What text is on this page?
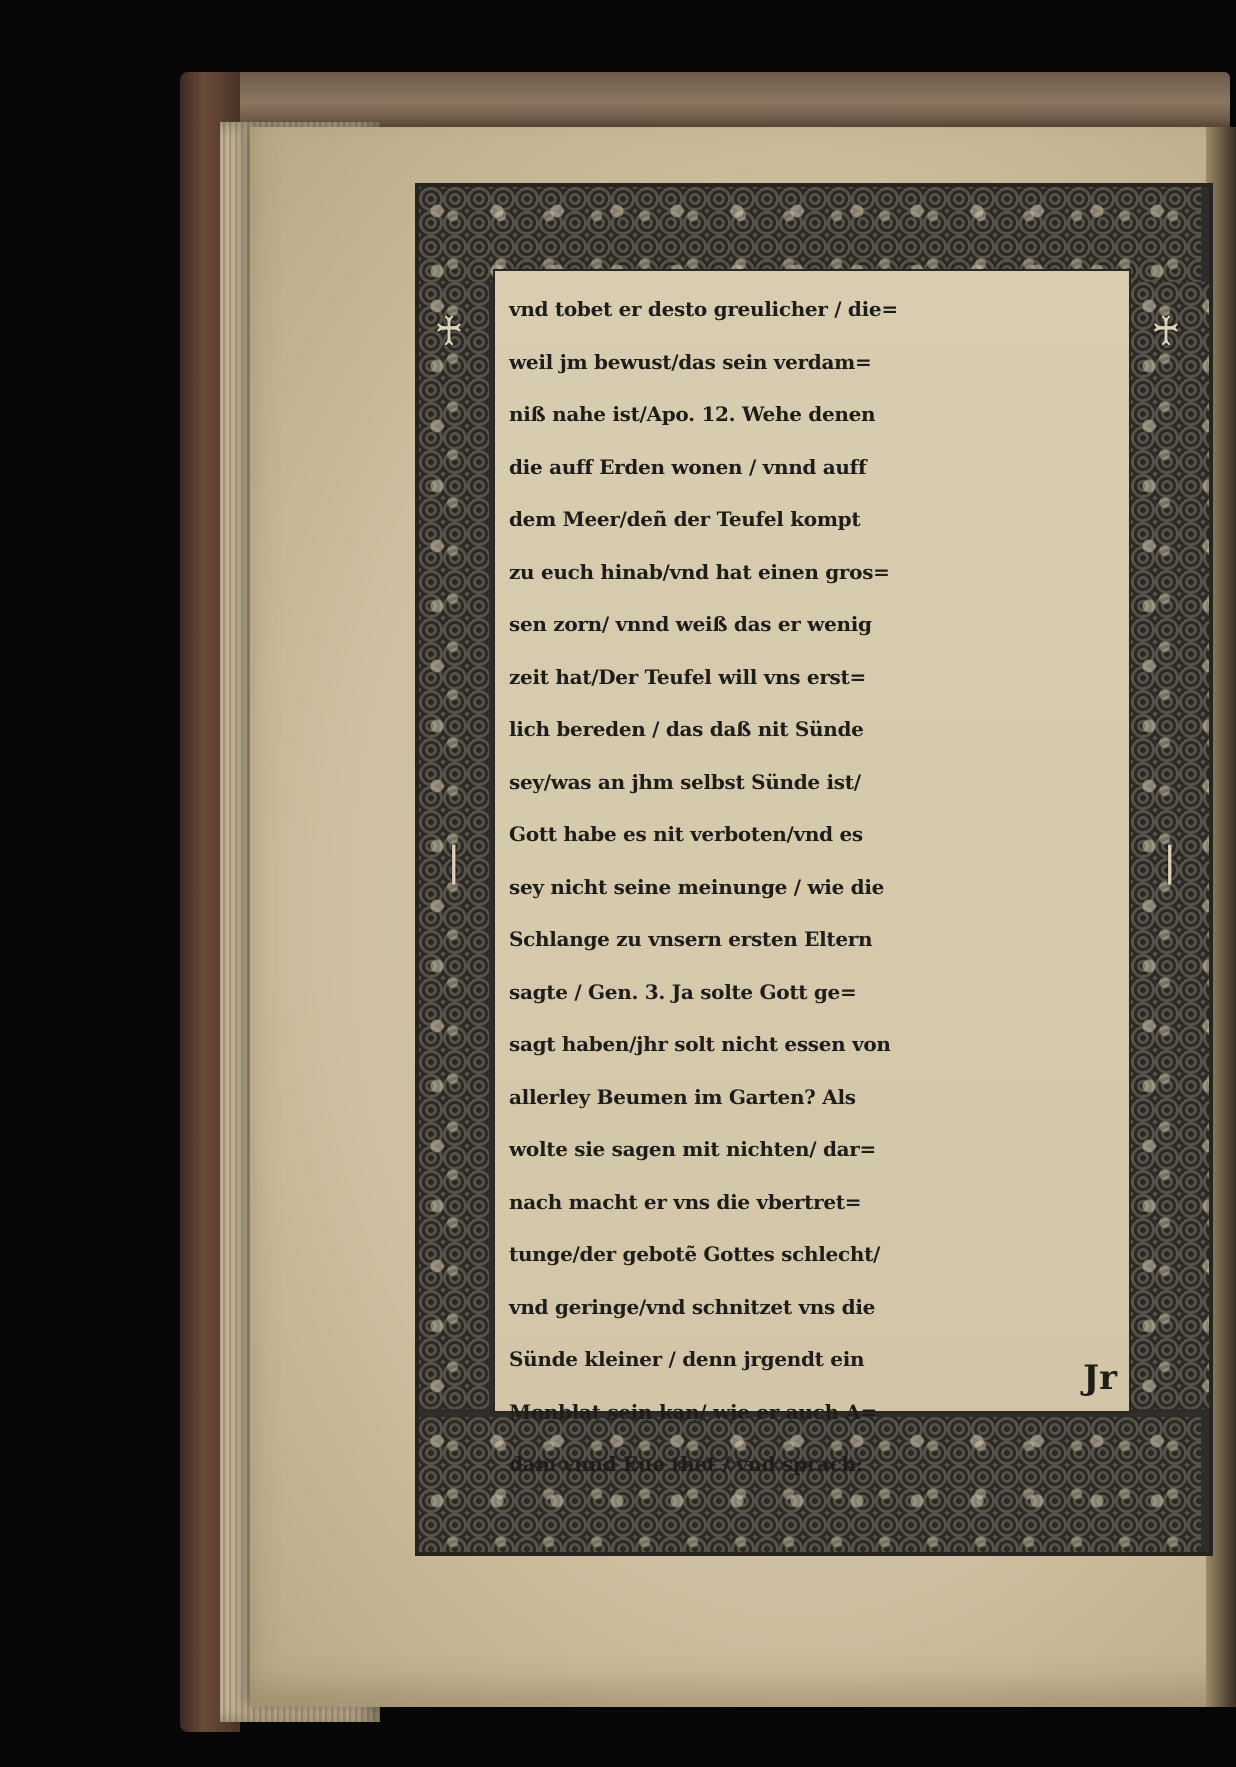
♰
❘
♰
❘
vnd tobet er desto greulicher / die=
weil jm bewust/das sein verdam=
niß nahe ist/Apo. 12. Wehe denen
die auff Erden wonen / vnnd auff
dem Meer/deñ der Teufel kompt
zu euch hinab/vnd hat einen gros=
sen zorn/ vnnd weiß das er wenig
zeit hat/Der Teufel will vns erst=
lich bereden / das daß nit Sünde
sey/was an jhm selbst Sünde ist/
Gott habe es nit verboten/vnd es
sey nicht seine meinunge / wie die
Schlange zu vnsern ersten Eltern
sagte / Gen. 3. Ja solte Gott ge=
sagt haben/jhr solt nicht essen von
allerley Beumen im Garten? Als
wolte sie sagen mit nichten/ dar=
nach macht er vns die vbertret=
tunge/der gebotẽ Gottes schlecht/
vnd geringe/vnd schnitzet vns die
Sünde kleiner / denn jrgendt ein
Monblat sein kan/ wie er auch A=
dam vnnd Eue thet / vnd sprach:
Jr
